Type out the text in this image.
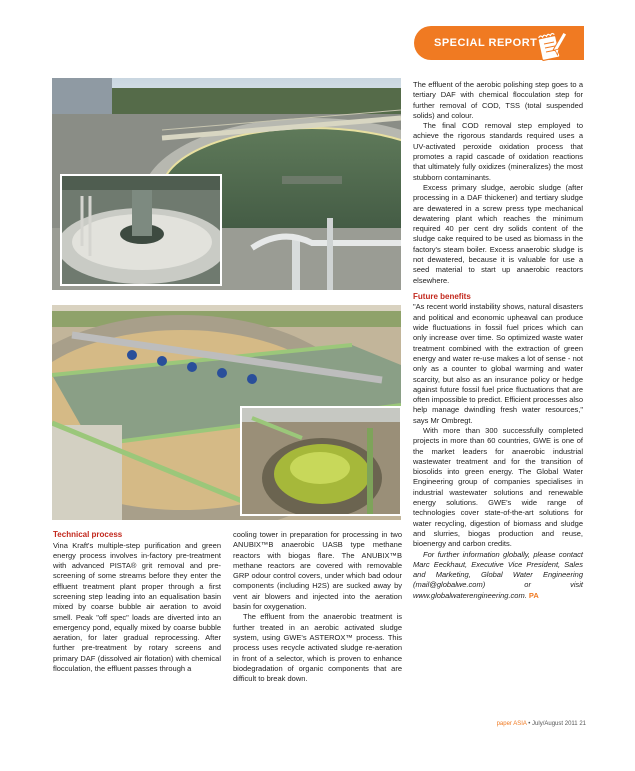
SPECIAL REPORT

The effluent of the aerobic polishing step goes to a tertiary DAF with chemical flocculation step for further removal of COD, TSS (total suspended solids) and colour.

The final COD removal step employed to achieve the rigorous standards required uses a UV-activated peroxide oxidation process that promotes a rapid cascade of oxidation reactions that ultimately fully oxidizes (mineralizes) the most stubborn contaminants.

Excess primary sludge, aerobic sludge (after processing in a DAF thickener) and tertiary sludge are dewatered in a screw press type mechanical dewatering plant which reaches the minimum required 40 per cent dry solids content of the sludge cake required to be used as biomass in the factory's steam boiler. Excess anaerobic sludge is not dewatered, because it is valuable for use a seed material to start up anaerobic reactors elsewhere.

Future benefits

"As recent world instability shows, natural disasters and political and economic upheaval can produce wide fluctuations in fossil fuel prices which can only increase over time. So optimized waste water treatment combined with the extraction of green energy and water re-use makes a lot of sense - not only as a counter to global warming and water scarcity, but also as an insurance policy or hedge against future fossil fuel price fluctuations that are often impossible to predict. Efficient processes also help manage dwindling fresh water resources," says Mr Ombregt.

With more than 300 successfully completed projects in more than 60 countries, GWE is one of the market leaders for anaerobic industrial wastewater treatment and for the transition of biosolids into green energy. The Global Water Engineering group of companies specialises in industrial wastewater solutions and renewable energy solutions. GWE's wide range of technologies cover state-of-the-art solutions for water recycling, digestion of biomass and sludge and slurries, biogas production and reuse, bioenergy and carbon credits.

For further information globally, please contact Marc Eeckhaut, Executive Vice President, Sales and Marketing, Global Water Engineering (mail@globalwe.com) or visit www.globalwaterengineering.com. PA

Technical process

Vina Kraft's multiple-step purification and green energy process involves in-factory pre-treatment with advanced PISTA® grit removal and pre-screening of some streams before they enter the effluent treatment plant proper through a first screening step leading into an equalisation basin mixed by coarse bubble air aeration to avoid smell. Peak "off spec" loads are diverted into an emergency pond, equally mixed by coarse bubble aeration, for later gradual reprocessing. After further pre-treatment by rotary screens and primary DAF (dissolved air flotation) with chemical flocculation, the effluent passes through a

cooling tower in preparation for processing in two ANUBIX™B anaerobic UASB type methane reactors with biogas flare. The ANUBIX™B methane reactors are covered with removable GRP odour control covers, under which bad odour components (including H2S) are sucked away by vent air blowers and injected into the aeration basin for oxygenation.

The effluent from the anaerobic treatment is further treated in an aerobic activated sludge system, using GWE's ASTEROX™ process. This process uses recycle activated sludge re-aeration in front of a selector, which is proven to enhance biodegradation of organic components that are difficult to break down.

paper ASIA • July/August 2011 21
